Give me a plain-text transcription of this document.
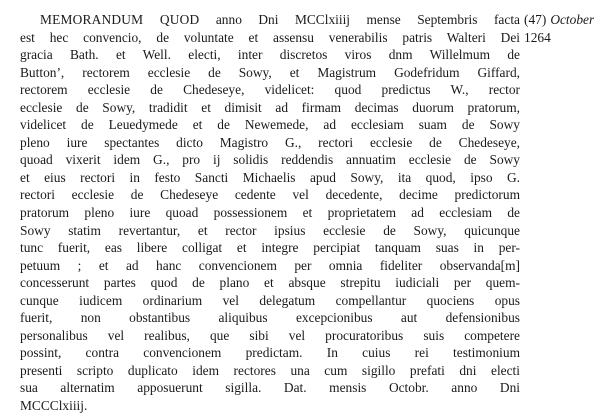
MEMORANDUM QUOD anno Dni MCClxiiij mense Septembris facta
est hec convencio, de voluntate et assensu venerabilis patris Walteri Dei
gracia Bath. et Well. electi, inter discretos viros dnm Willelmum de
Button’, rectorem ecclesie de Sowy, et Magistrum Godefridum Giffard,
rectorem ecclesie de Chedeseye, videlicet: quod predictus W., rector
ecclesie de Sowy, tradidit et dimisit ad firmam decimas duorum pratorum,
videlicet de Leuedymede et de Newemede, ad ecclesiam suam de Sowy
pleno iure spectantes dicto Magistro G., rectori ecclesie de Chedeseye,
quoad vixerit idem G., pro ij solidis reddendis annuatim ecclesie de Sowy
et eius rectori in festo Sancti Michaelis apud Sowy, ita quod, ipso G.
rectori ecclesie de Chedeseye cedente vel decedente, decime predictorum
pratorum pleno iure quoad possessionem et proprietatem ad ecclesiam de
Sowy statim revertantur, et rector ipsius ecclesie de Sowy, quicunque
tunc fuerit, eas libere colligat et integre percipiat tanquam suas in per-
petuum ; et ad hanc convencionem per omnia fideliter observanda[m]
concesserunt partes quod de plano et absque strepitu iudiciali per quem-
cunque iudicem ordinarium vel delegatum compellantur quociens opus
fuerit, non obstantibus aliquibus excepcionibus aut defensionibus
personalibus vel realibus, que sibi vel procuratoribus suis competere
possint, contra convencionem predictam. In cuius rei testimonium
presenti scripto duplicato idem rectores una cum sigillo prefati dni electi
sua alternatim apposuerunt sigilla. Dat. mensis Octobr. anno Dni
MCCClxiiij.
(47) October
1264
